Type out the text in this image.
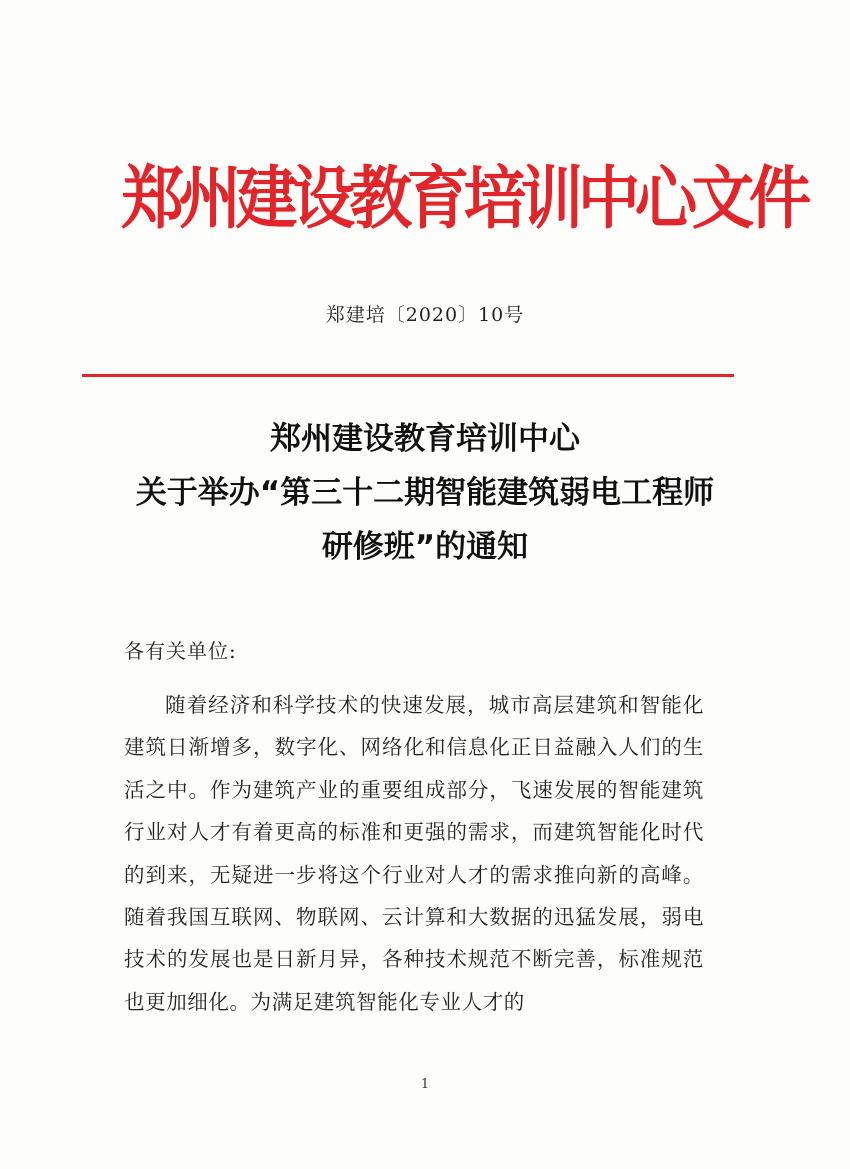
郑州建设教育培训中心文件
郑建培〔2020〕10号
郑州建设教育培训中心
关于举办“第三十二期智能建筑弱电工程师
研修班”的通知
各有关单位:
随着经济和科学技术的快速发展，城市高层建筑和智能化建筑日渐增多，数字化、网络化和信息化正日益融入人们的生活之中。作为建筑产业的重要组成部分，飞速发展的智能建筑行业对人才有着更高的标准和更强的需求，而建筑智能化时代的到来，无疑进一步将这个行业对人才的需求推向新的高峰。随着我国互联网、物联网、云计算和大数据的迅猛发展，弱电技术的发展也是日新月异，各种技术规范不断完善，标准规范也更加细化。为满足建筑智能化专业人才的
1
